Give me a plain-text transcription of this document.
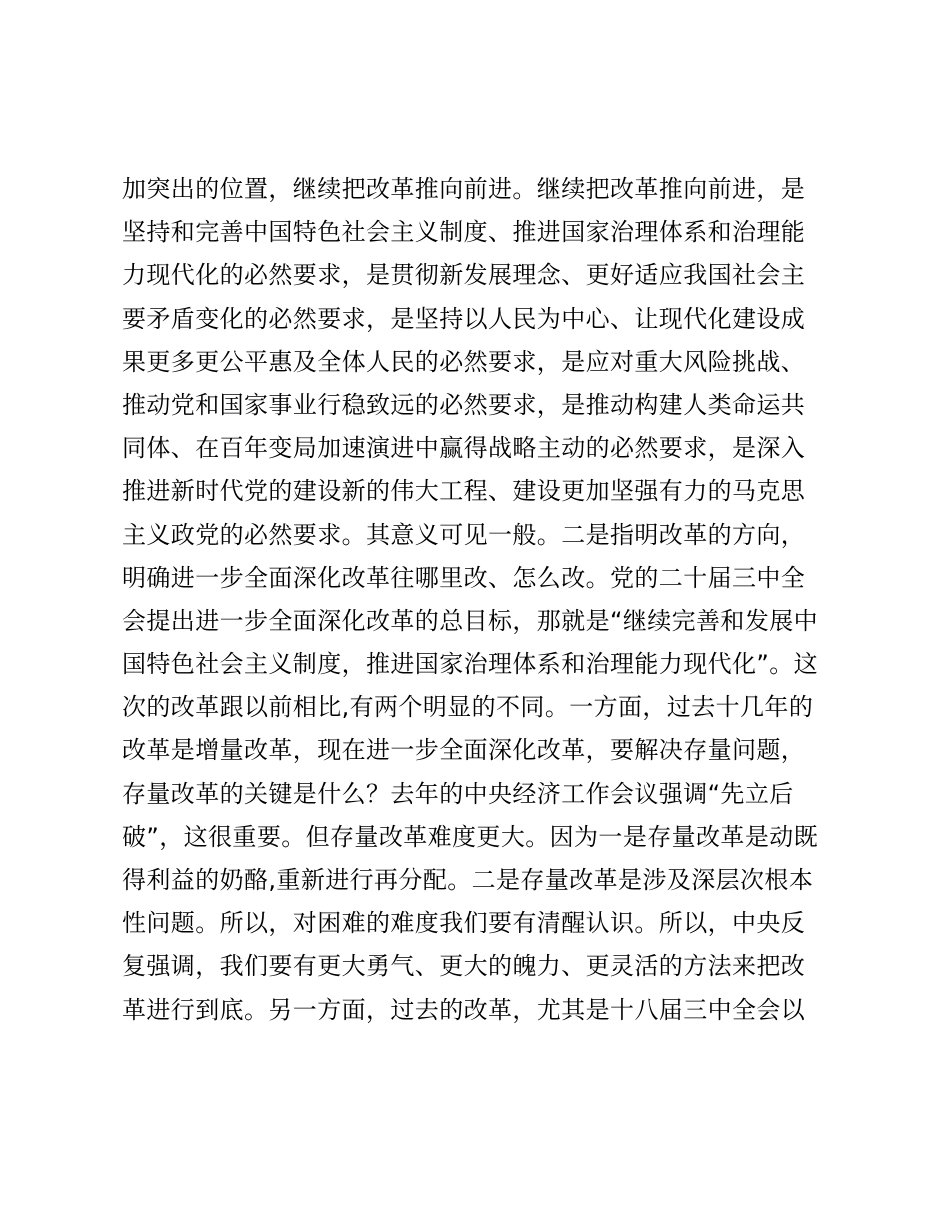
加突出的位置，继续把改革推向前进。继续把改革推向前进，是
坚持和完善中国特色社会主义制度、推进国家治理体系和治理能
力现代化的必然要求，是贯彻新发展理念、更好适应我国社会主
要矛盾变化的必然要求，是坚持以人民为中心、让现代化建设成
果更多更公平惠及全体人民的必然要求，是应对重大风险挑战、
推动党和国家事业行稳致远的必然要求，是推动构建人类命运共
同体、在百年变局加速演进中赢得战略主动的必然要求，是深入
推进新时代党的建设新的伟大工程、建设更加坚强有力的马克思
主义政党的必然要求。其意义可见一般。二是指明改革的方向，
明确进一步全面深化改革往哪里改、怎么改。党的二十届三中全
会提出进一步全面深化改革的总目标，那就是“继续完善和发展中
国特色社会主义制度，推进国家治理体系和治理能力现代化”。这
次的改革跟以前相比,有两个明显的不同。一方面，过去十几年的
改革是增量改革，现在进一步全面深化改革，要解决存量问题，
存量改革的关键是什么？去年的中央经济工作会议强调“先立后
破”，这很重要。但存量改革难度更大。因为一是存量改革是动既
得利益的奶酪,重新进行再分配。二是存量改革是涉及深层次根本
性问题。所以，对困难的难度我们要有清醒认识。所以，中央反
复强调，我们要有更大勇气、更大的魄力、更灵活的方法来把改
革进行到底。另一方面，过去的改革，尤其是十八届三中全会以
